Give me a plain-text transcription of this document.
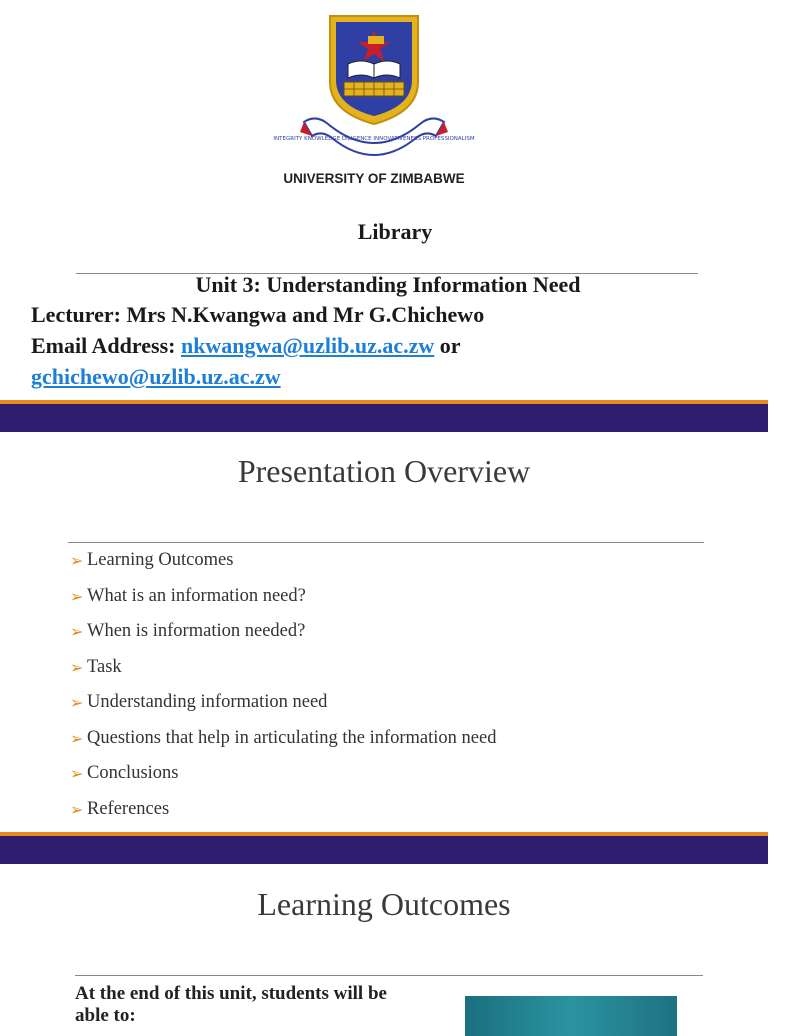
INTEGRITY KNOWLEDGE DILIGENCE INNOVATIVENESS PROFESSIONALISM
UNIVERSITY OF ZIMBABWE
Library
Unit 3: Understanding Information Need
Lecturer: Mrs N.Kwangwa and Mr G.Chichewo
Email Address: nkwangwa@uzlib.uz.ac.zw or
gchichewo@uzlib.uz.ac.zw
Presentation Overview
➢ Learning Outcomes
➢ What is an information need?
➢ When is information needed?
➢ Task
➢ Understanding information need
➢ Questions that help in articulating the information need
➢ Conclusions
➢ References
Learning Outcomes
At the end of this unit, students will be able to:
